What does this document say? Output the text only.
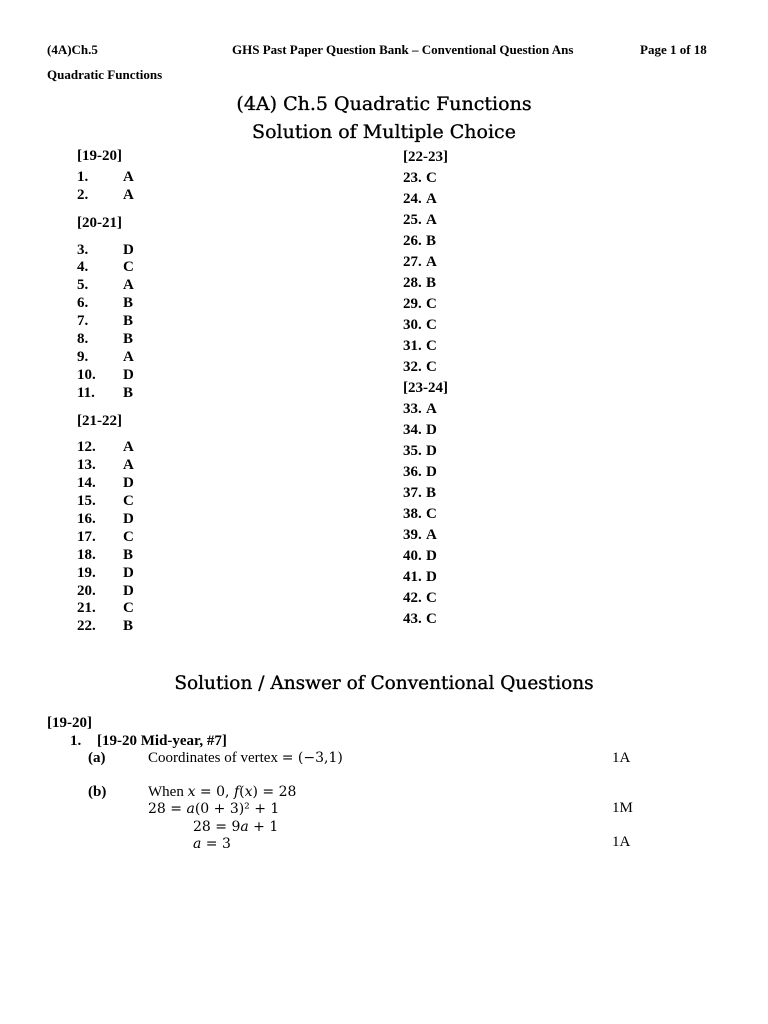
(4A)Ch.5	GHS Past Paper Question Bank – Conventional Question Ans	Page 1 of 18
Quadratic Functions
(4A) Ch.5 Quadratic Functions
Solution of Multiple Choice
[19-20]
1. A
2. A
[20-21]
3. D
4. C
5. A
6. B
7. B
8. B
9. A
10. D
11. B
[21-22]
12. A
13. A
14. D
15. C
16. D
17. C
18. B
19. D
20. D
21. C
22. B
[22-23]
23. C
24. A
25. A
26. B
27. A
28. B
29. C
30. C
31. C
32. C
[23-24]
33. A
34. D
35. D
36. D
37. B
38. C
39. A
40. D
41. D
42. C
43. C
Solution / Answer of Conventional Questions
[19-20]
1. [19-20 Mid-year, #7]
(a)	Coordinates of vertex = (−3,1)	1A
(b)	When x = 0, f(x) = 28
28 = a(0 + 3)² + 1	1M
28 = 9a + 1
a = 3	1A
